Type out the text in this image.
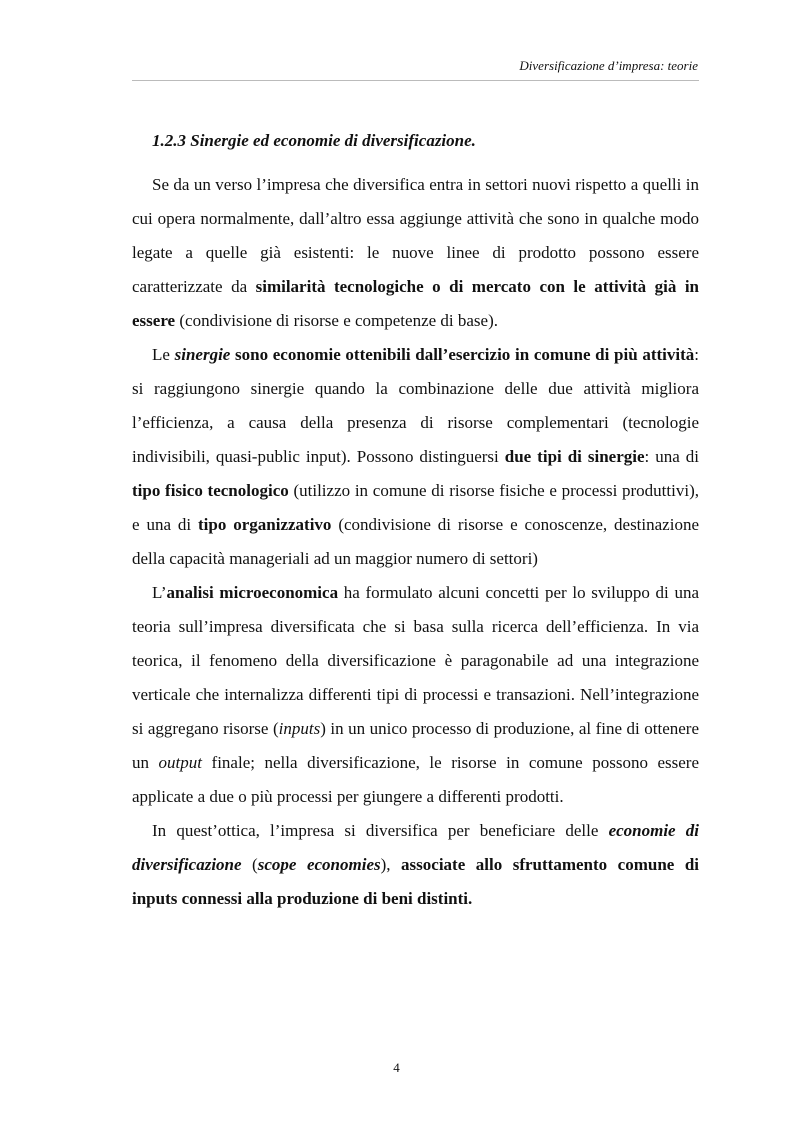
Diversificazione d’impresa: teorie
1.2.3 Sinergie ed economie di diversificazione.

Se da un verso l’impresa che diversifica entra in settori nuovi rispetto a quelli in cui opera normalmente, dall’altro essa aggiunge attività che sono in qualche modo legate a quelle già esistenti: le nuove linee di prodotto possono essere caratterizzate da similarità tecnologiche o di mercato con le attività già in essere (condivisione di risorse e competenze di base).

Le sinergie sono economie ottenibili dall’esercizio in comune di più attività: si raggiungono sinergie quando la combinazione delle due attività migliora l’efficienza, a causa della presenza di risorse complementari (tecnologie indivisibili, quasi-public input). Possono distinguersi due tipi di sinergie: una di tipo fisico tecnologico (utilizzo in comune di risorse fisiche e processi produttivi), e una di tipo organizzativo (condivisione di risorse e conoscenze, destinazione della capacità manageriali ad un maggior numero di settori)

L’analisi microeconomica ha formulato alcuni concetti per lo sviluppo di una teoria sull’impresa diversificata che si basa sulla ricerca dell’efficienza. In via teorica, il fenomeno della diversificazione è paragonabile ad una integrazione verticale che internalizza differenti tipi di processi e transazioni. Nell’integrazione si aggregano risorse (inputs) in un unico processo di produzione, al fine di ottenere un output finale; nella diversificazione, le risorse in comune possono essere applicate a due o più processi per giungere a differenti prodotti.

In quest’ottica, l’impresa si diversifica per beneficiare delle economie di diversificazione (scope economies), associate allo sfruttamento comune di inputs connessi alla produzione di beni distinti.

4
